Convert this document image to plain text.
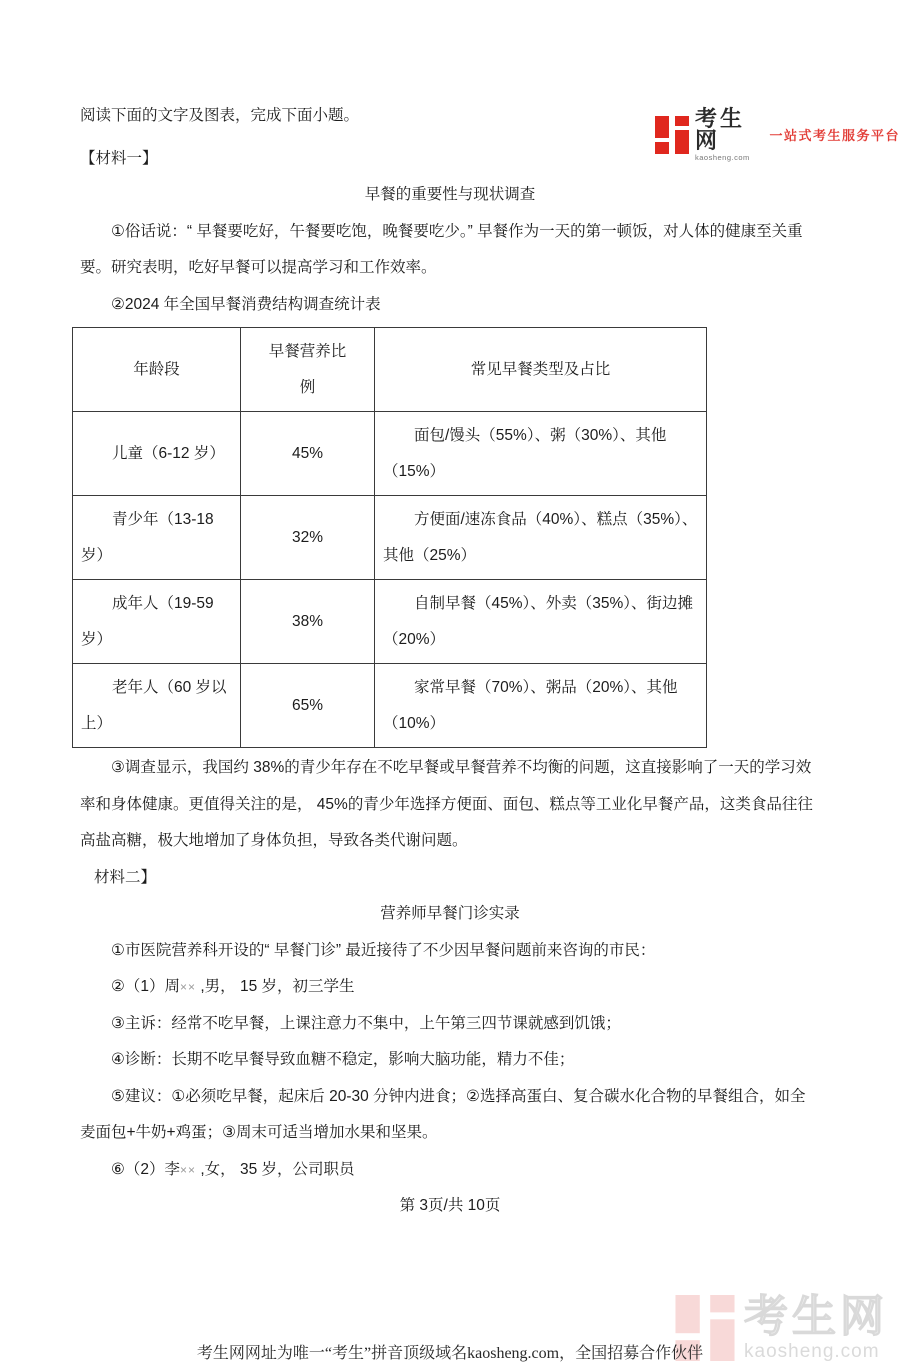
考生网
kaosheng.com
一站式考生服务平台

阅读下面的文字及图表，完成下面小题。

【材料一】

早餐的重要性与现状调查

①俗话说：“ 早餐要吃好，午餐要吃饱，晚餐要吃少。” 早餐作为一天的第一顿饭，对人体的健康至关重要。研究表明，吃好早餐可以提高学习和工作效率。

②2024 年全国早餐消费结构调查统计表

年龄段	早餐营养比例	常见早餐类型及占比
儿童（6-12 岁）	45%	面包/馒头（55%）、粥（30%）、其他（15%）
青少年（13-18 岁）	32%	方便面/速冻食品（40%）、糕点（35%）、其他（25%）
成年人（19-59 岁）	38%	自制早餐（45%）、外卖（35%）、街边摊（20%）
老年人（60 岁以上）	65%	家常早餐（70%）、粥品（20%）、其他（10%）

③调查显示，我国约 38%的青少年存在不吃早餐或早餐营养不均衡的问题，这直接影响了一天的学习效率和身体健康。更值得关注的是， 45%的青少年选择方便面、面包、糕点等工业化早餐产品，这类食品往往高盐高糖，极大地增加了身体负担，导致各类代谢问题。

材料二】

营养师早餐门诊实录

①市医院营养科开设的“ 早餐门诊” 最近接待了不少因早餐问题前来咨询的市民：

②（1）周×× ,男， 15 岁，初三学生

③主诉：经常不吃早餐，上课注意力不集中，上午第三四节课就感到饥饿；

④诊断：长期不吃早餐导致血糖不稳定，影响大脑功能，精力不佳；

⑤建议：①必须吃早餐，起床后 20-30 分钟内进食；②选择高蛋白、复合碳水化合物的早餐组合，如全麦面包+牛奶+鸡蛋；③周末可适当增加水果和坚果。

⑥（2）李×× ,女， 35 岁，公司职员

第 3页/共 10页

考生网
kaosheng.com
考生网网址为唯一“考生”拼音顶级域名kaosheng.com，全国招募合作伙伴
